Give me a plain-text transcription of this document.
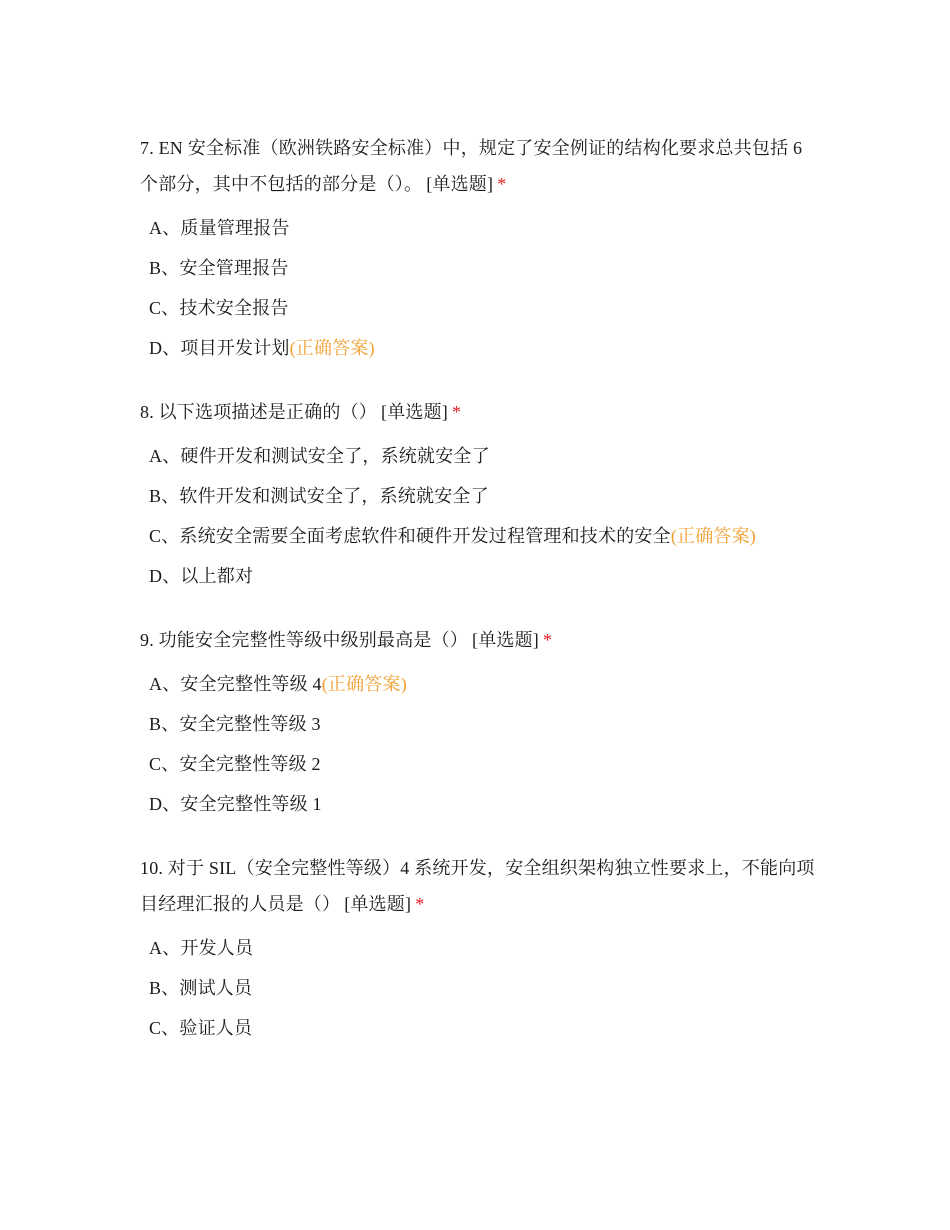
7. EN 安全标准（欧洲铁路安全标准）中，规定了安全例证的结构化要求总共包括 6 个部分，其中不包括的部分是（）。 [单选题] *
A、质量管理报告
B、安全管理报告
C、技术安全报告
D、项目开发计划(正确答案)
8. 以下选项描述是正确的（） [单选题] *
A、硬件开发和测试安全了，系统就安全了
B、软件开发和测试安全了，系统就安全了
C、系统安全需要全面考虑软件和硬件开发过程管理和技术的安全(正确答案)
D、以上都对
9. 功能安全完整性等级中级别最高是（） [单选题] *
A、安全完整性等级 4(正确答案)
B、安全完整性等级 3
C、安全完整性等级 2
D、安全完整性等级 1
10. 对于 SIL（安全完整性等级）4 系统开发，安全组织架构独立性要求上，不能向项目经理汇报的人员是（） [单选题] *
A、开发人员
B、测试人员
C、验证人员
